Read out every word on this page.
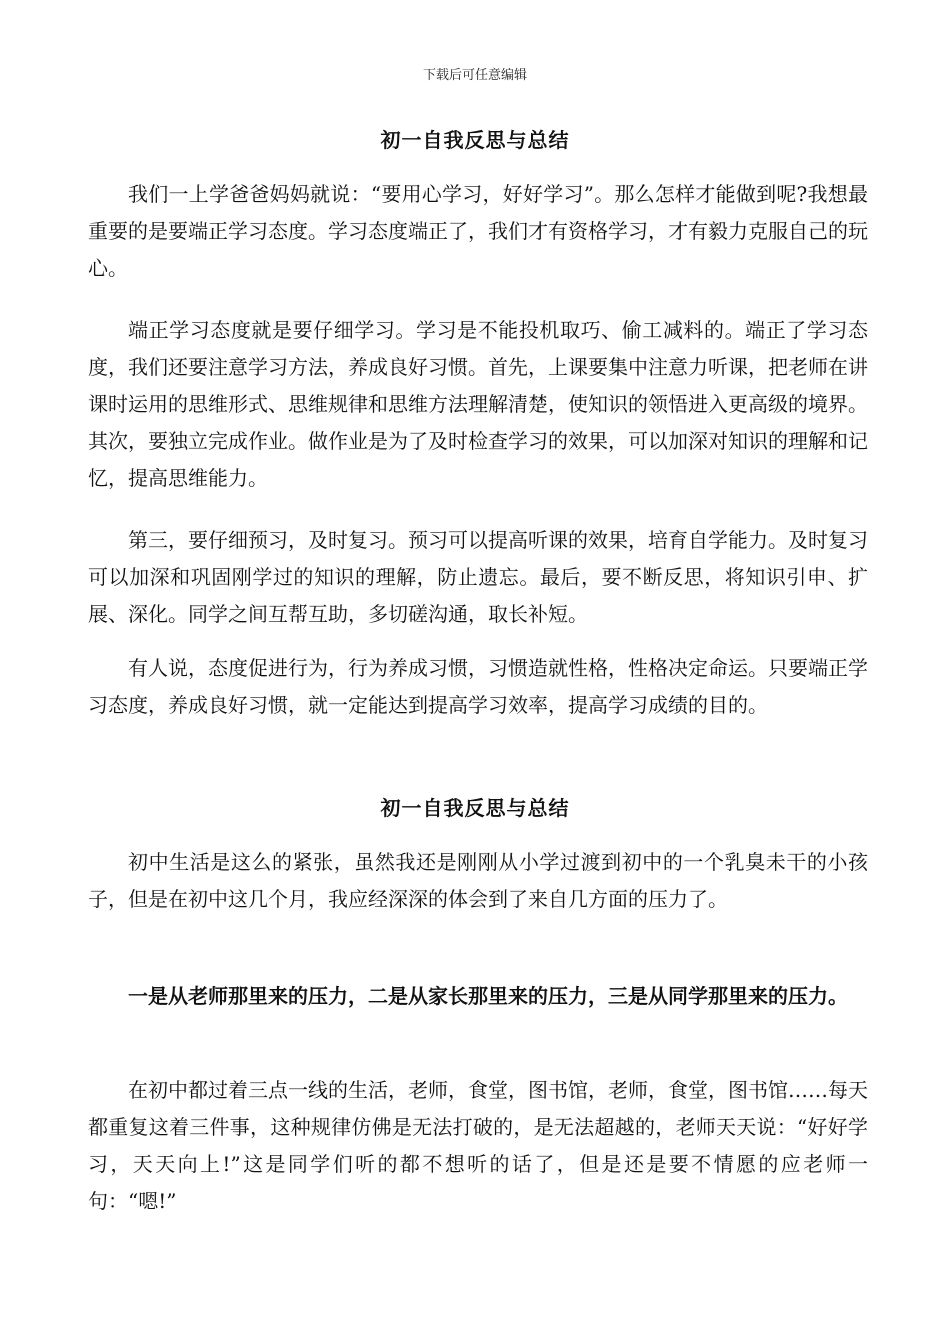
下载后可任意编辑
初一自我反思与总结

我们一上学爸爸妈妈就说：“要用心学习，好好学习”。那么怎样才能做到呢?我想最重要的是要端正学习态度。学习态度端正了，我们才有资格学习，才有毅力克服自己的玩心。

端正学习态度就是要仔细学习。学习是不能投机取巧、偷工减料的。端正了学习态度，我们还要注意学习方法，养成良好习惯。首先，上课要集中注意力听课，把老师在讲课时运用的思维形式、思维规律和思维方法理解清楚，使知识的领悟进入更高级的境界。其次，要独立完成作业。做作业是为了及时检查学习的效果，可以加深对知识的理解和记忆，提高思维能力。

第三，要仔细预习，及时复习。预习可以提高听课的效果，培育自学能力。及时复习可以加深和巩固刚学过的知识的理解，防止遗忘。最后，要不断反思，将知识引申、扩展、深化。同学之间互帮互助，多切磋沟通，取长补短。

有人说，态度促进行为，行为养成习惯，习惯造就性格，性格决定命运。只要端正学习态度，养成良好习惯，就一定能达到提高学习效率，提高学习成绩的目的。

初一自我反思与总结

初中生活是这么的紧张，虽然我还是刚刚从小学过渡到初中的一个乳臭未干的小孩子，但是在初中这几个月，我应经深深的体会到了来自几方面的压力了。

一是从老师那里来的压力，二是从家长那里来的压力，三是从同学那里来的压力。

在初中都过着三点一线的生活，老师，食堂，图书馆，老师，食堂，图书馆……每天都重复这着三件事，这种规律仿佛是无法打破的，是无法超越的，老师天天说：“好好学习，天天向上!”这是同学们听的都不想听的话了，但是还是要不情愿的应老师一句：“嗯!”
